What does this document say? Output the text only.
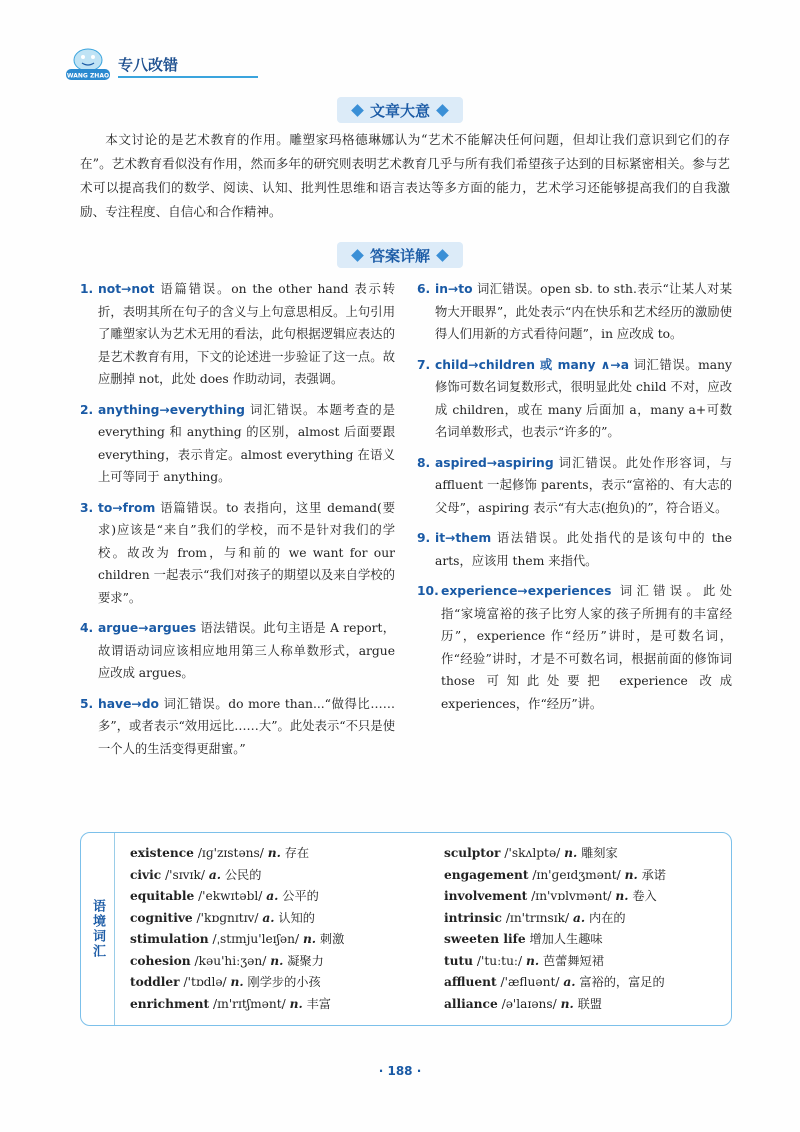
WANG ZHAO
专八改错
文章大意
本文讨论的是艺术教育的作用。雕塑家玛格德琳娜认为“艺术不能解决任何问题，但却让我们意识到它们的存在”。艺术教育看似没有作用，然而多年的研究则表明艺术教育几乎与所有我们希望孩子达到的目标紧密相关。参与艺术可以提高我们的数学、阅读、认知、批判性思维和语言表达等多方面的能力，艺术学习还能够提高我们的自我激励、专注程度、自信心和合作精神。
答案详解
1. not→not 语篇错误。on the other hand 表示转折，表明其所在句子的含义与上句意思相反。上句引用了雕塑家认为艺术无用的看法，此句根据逻辑应表达的是艺术教育有用，下文的论述进一步验证了这一点。故应删掉 not，此处 does 作助动词，表强调。
2. anything→everything 词汇错误。本题考查的是 everything 和 anything 的区别，almost 后面要跟 everything，表示肯定。almost everything 在语义上可等同于 anything。
3. to→from 语篇错误。to 表指向，这里 demand(要求)应该是“来自”我们的学校，而不是针对我们的学校。故改为 from，与和前的 we want for our children 一起表示“我们对孩子的期望以及来自学校的要求”。
4. argue→argues 语法错误。此句主语是 A report，故谓语动词应该相应地用第三人称单数形式，argue 应改成 argues。
5. have→do 词汇错误。do more than...“做得比……多”，或者表示“效用远比……大”。此处表示“不只是使一个人的生活变得更甜蜜。”
6. in→to 词汇错误。open sb. to sth.表示“让某人对某物大开眼界”，此处表示“内在快乐和艺术经历的激励使得人们用新的方式看待问题”，in 应改成 to。
7. child→children 或 many ∧→a 词汇错误。many 修饰可数名词复数形式，很明显此处 child 不对，应改成 children，或在 many 后面加 a，many a+可数名词单数形式，也表示“许多的”。
8. aspired→aspiring 词汇错误。此处作形容词，与 affluent 一起修饰 parents，表示“富裕的、有大志的父母”，aspiring 表示“有大志(抱负)的”，符合语义。
9. it→them 语法错误。此处指代的是该句中的 the arts，应该用 them 来指代。
10. experience→experiences 词汇错误。此处指“家境富裕的孩子比穷人家的孩子所拥有的丰富经历”，experience 作“经历”讲时，是可数名词，作“经验”讲时，才是不可数名词，根据前面的修饰词 those 可知此处要把 experience 改成 experiences，作“经历”讲。
语境词汇
existence /ɪɡ'zɪstəns/ n. 存在
civic /'sɪvɪk/ a. 公民的
equitable /'ekwɪtəbl/ a. 公平的
cognitive /'kɒɡnɪtɪv/ a. 认知的
stimulation /ˌstɪmju'leɪʃən/ n. 刺激
cohesion /kəu'hiːʒən/ n. 凝聚力
toddler /'tɒdlə/ n. 刚学步的小孩
enrichment /ɪn'rɪtʃmənt/ n. 丰富
sculptor /'skʌlptə/ n. 雕刻家
engagement /ɪn'ɡeɪdʒmənt/ n. 承诺
involvement /ɪn'vɒlvmənt/ n. 卷入
intrinsic /ɪn'trɪnsɪk/ a. 内在的
sweeten life 增加人生趣味
tutu /'tuːtuː/ n. 芭蕾舞短裙
affluent /'æfluənt/ a. 富裕的，富足的
alliance /ə'laɪəns/ n. 联盟
· 188 ·
